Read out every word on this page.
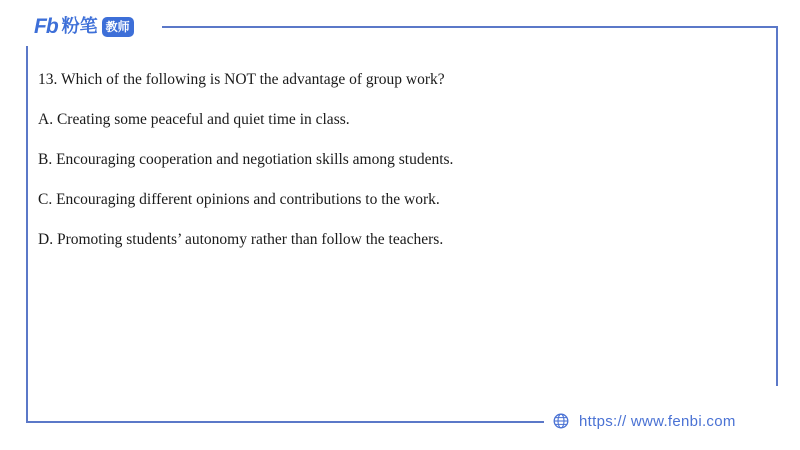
Fb 粉笔 教师

13. Which of the following is NOT the advantage of group work?

A. Creating some peaceful and quiet time in class.

B. Encouraging cooperation and negotiation skills among students.

C. Encouraging different opinions and contributions to the work.

D. Promoting students’ autonomy rather than follow the teachers.

https:// www.fenbi.com
